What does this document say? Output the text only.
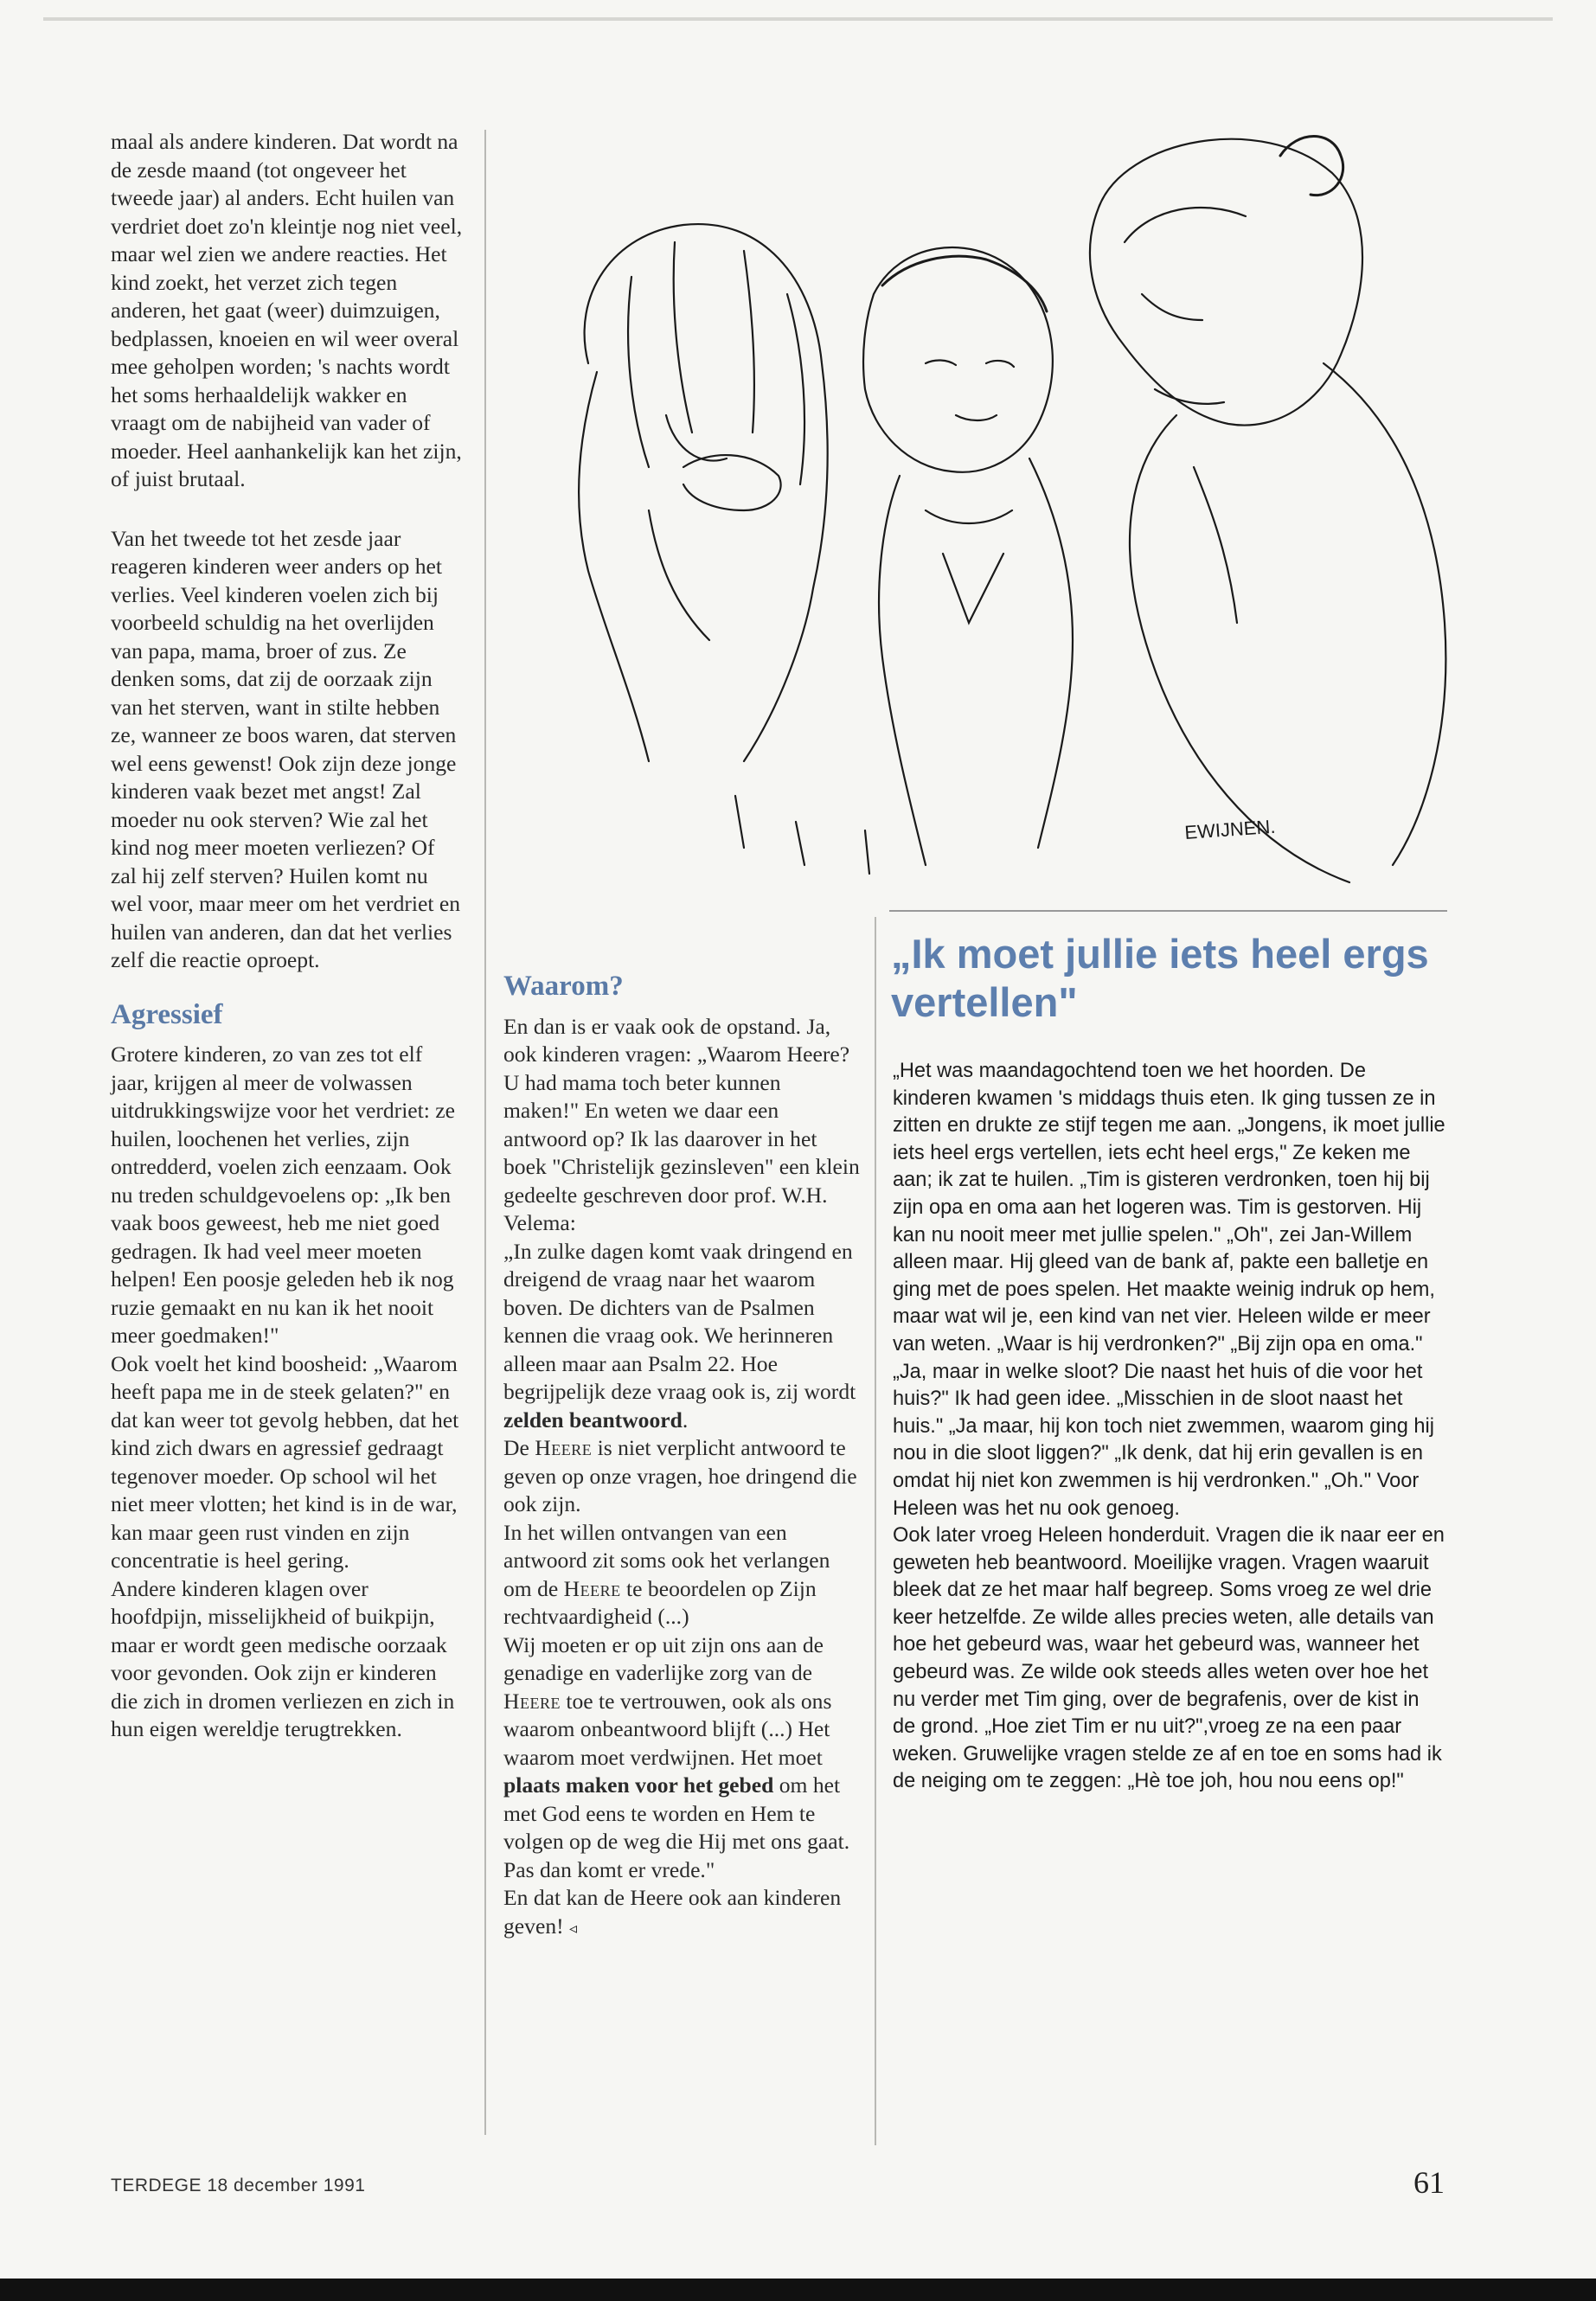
EWIJNEN.

maal als andere kinderen. Dat wordt na de zesde maand (tot ongeveer het tweede jaar) al anders. Echt huilen van verdriet doet zo'n kleintje nog niet veel, maar wel zien we andere reacties. Het kind zoekt, het verzet zich tegen anderen, het gaat (weer) duimzuigen, bedplassen, knoeien en wil weer overal mee geholpen worden; 's nachts wordt het soms herhaaldelijk wakker en vraagt om de nabijheid van vader of moeder. Heel aanhankelijk kan het zijn, of juist brutaal.

Van het tweede tot het zesde jaar reageren kinderen weer anders op het verlies. Veel kinderen voelen zich bij voorbeeld schuldig na het overlijden van papa, mama, broer of zus. Ze denken soms, dat zij de oorzaak zijn van het sterven, want in stilte hebben ze, wanneer ze boos waren, dat sterven wel eens gewenst! Ook zijn deze jonge kinderen vaak bezet met angst! Zal moeder nu ook sterven? Wie zal het kind nog meer moeten verliezen? Of zal hij zelf sterven? Huilen komt nu wel voor, maar meer om het verdriet en huilen van anderen, dan dat het verlies zelf die reactie oproept.

Agressief

Grotere kinderen, zo van zes tot elf jaar, krijgen al meer de volwassen uitdrukkingswijze voor het verdriet: ze huilen, loochenen het verlies, zijn ontredderd, voelen zich eenzaam. Ook nu treden schuldgevoelens op: „Ik ben vaak boos geweest, heb me niet goed gedragen. Ik had veel meer moeten helpen! Een poosje geleden heb ik nog ruzie gemaakt en nu kan ik het nooit meer goedmaken!"

Ook voelt het kind boosheid: „Waarom heeft papa me in de steek gelaten?" en dat kan weer tot gevolg hebben, dat het kind zich dwars en agressief gedraagt tegenover moeder. Op school wil het niet meer vlotten; het kind is in de war, kan maar geen rust vinden en zijn concentratie is heel gering.

Andere kinderen klagen over hoofdpijn, misselijkheid of buikpijn, maar er wordt geen medische oorzaak voor gevonden. Ook zijn er kinderen die zich in dromen verliezen en zich in hun eigen wereldje terugtrekken.

Waarom?

En dan is er vaak ook de opstand. Ja, ook kinderen vragen: „Waarom Heere? U had mama toch beter kunnen maken!" En weten we daar een antwoord op? Ik las daarover in het boek "Christelijk gezinsleven" een klein gedeelte geschreven door prof. W.H. Velema:

„In zulke dagen komt vaak dringend en dreigend de vraag naar het waarom boven. De dichters van de Psalmen kennen die vraag ook. We herinneren alleen maar aan Psalm 22. Hoe begrijpelijk deze vraag ook is, zij wordt zelden beantwoord.

De Heere is niet verplicht antwoord te geven op onze vragen, hoe dringend die ook zijn.

In het willen ontvangen van een antwoord zit soms ook het verlangen om de Heere te beoordelen op Zijn rechtvaardigheid (...)

Wij moeten er op uit zijn ons aan de genadige en vaderlijke zorg van de Heere toe te vertrouwen, ook als ons waarom onbeantwoord blijft (...) Het waarom moet verdwijnen. Het moet plaats maken voor het gebed om het met God eens te worden en Hem te volgen op de weg die Hij met ons gaat. Pas dan komt er vrede."

En dat kan de Heere ook aan kinderen geven! ◃

„Ik moet jullie iets heel ergs vertellen"

„Het was maandagochtend toen we het hoorden. De kinderen kwamen 's middags thuis eten. Ik ging tussen ze in zitten en drukte ze stijf tegen me aan. „Jongens, ik moet jullie iets heel ergs vertellen, iets echt heel ergs," Ze keken me aan; ik zat te huilen. „Tim is gisteren verdronken, toen hij bij zijn opa en oma aan het logeren was. Tim is gestorven. Hij kan nu nooit meer met jullie spelen." „Oh", zei Jan-Willem alleen maar. Hij gleed van de bank af, pakte een balletje en ging met de poes spelen. Het maakte weinig indruk op hem, maar wat wil je, een kind van net vier. Heleen wilde er meer van weten. „Waar is hij verdronken?" „Bij zijn opa en oma." „Ja, maar in welke sloot? Die naast het huis of die voor het huis?" Ik had geen idee. „Misschien in de sloot naast het huis." „Ja maar, hij kon toch niet zwemmen, waarom ging hij nou in die sloot liggen?" „Ik denk, dat hij erin gevallen is en omdat hij niet kon zwemmen is hij verdronken." „Oh." Voor Heleen was het nu ook genoeg.

Ook later vroeg Heleen honderduit. Vragen die ik naar eer en geweten heb beantwoord. Moeilijke vragen. Vragen waaruit bleek dat ze het maar half begreep. Soms vroeg ze wel drie keer hetzelfde. Ze wilde alles precies weten, alle details van hoe het gebeurd was, waar het gebeurd was, wanneer het gebeurd was. Ze wilde ook steeds alles weten over hoe het nu verder met Tim ging, over de begrafenis, over de kist in de grond. „Hoe ziet Tim er nu uit?",vroeg ze na een paar weken. Gruwelijke vragen stelde ze af en toe en soms had ik de neiging om te zeggen: „Hè toe joh, hou nou eens op!"

TERDEGE 18 december 1991	61
